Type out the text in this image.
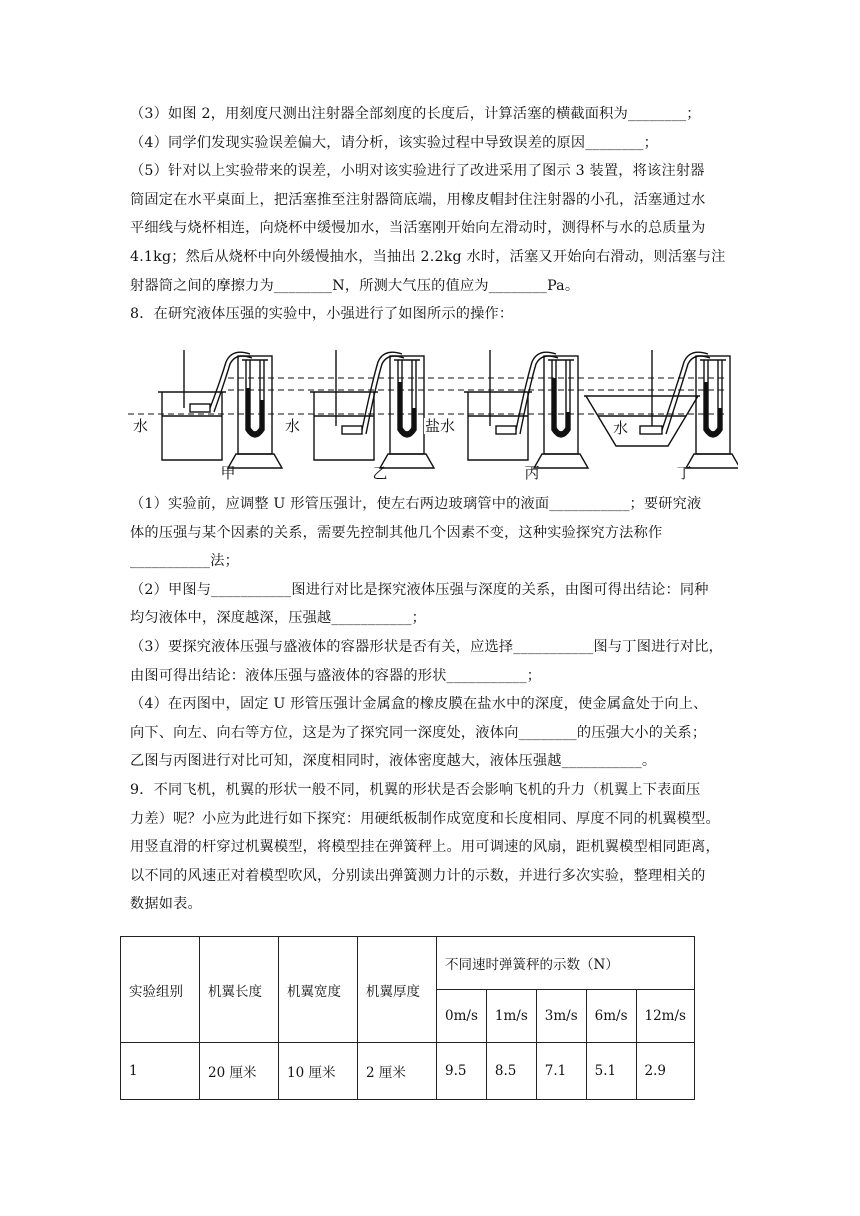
（3）如图 2，用刻度尺测出注射器全部刻度的长度后，计算活塞的横截面积为________；
（4）同学们发现实验误差偏大，请分析，该实验过程中导致误差的原因________；
（5）针对以上实验带来的误差，小明对该实验进行了改进采用了图示 3 装置，将该注射器
筒固定在水平桌面上，把活塞推至注射器筒底端，用橡皮帽封住注射器的小孔，活塞通过水
平细线与烧杯相连，向烧杯中缓慢加水，当活塞刚开始向左滑动时，测得杯与水的总质量为
4.1kg；然后从烧杯中向外缓慢抽水，当抽出 2.2kg 水时，活塞又开始向右滑动，则活塞与注
射器筒之间的摩擦力为________N，所测大气压的值应为________Pa。
8．在研究液体压强的实验中，小强进行了如图所示的操作：
水	水	盐水	水
甲	乙	丙	丁
（1）实验前，应调整 U 形管压强计，使左右两边玻璃管中的液面___________；要研究液
体的压强与某个因素的关系，需要先控制其他几个因素不变，这种实验探究方法称作
___________法；
（2）甲图与___________图进行对比是探究液体压强与深度的关系，由图可得出结论：同种
均匀液体中，深度越深，压强越___________；
（3）要探究液体压强与盛液体的容器形状是否有关，应选择___________图与丁图进行对比，
由图可得出结论：液体压强与盛液体的容器的形状___________；
（4）在丙图中，固定 U 形管压强计金属盒的橡皮膜在盐水中的深度，使金属盒处于向上、
向下、向左、向右等方位，这是为了探究同一深度处，液体向________的压强大小的关系；
乙图与丙图进行对比可知，深度相同时，液体密度越大，液体压强越___________。
9．不同飞机，机翼的形状一般不同，机翼的形状是否会影响飞机的升力（机翼上下表面压
力差）呢？小应为此进行如下探究：用硬纸板制作成宽度和长度相同、厚度不同的机翼模型。
用竖直滑的杆穿过机翼模型，将模型挂在弹簧秤上。用可调速的风扇，距机翼模型相同距离，
以不同的风速正对着模型吹风，分别读出弹簧测力计的示数，并进行多次实验，整理相关的
数据如表。
实验组别	机翼长度	机翼宽度	机翼厚度	不同速时弹簧秤的示数（N）				
				0m/s	1m/s	3m/s	6m/s	12m/s
1	20 厘米	10 厘米	2 厘米	9.5	8.5	7.1	5.1	2.9
